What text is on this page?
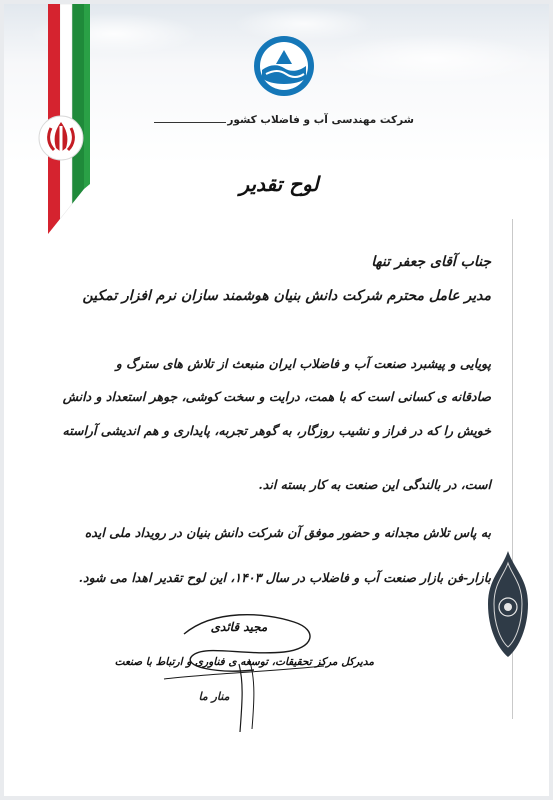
شرکت مهندسی آب و فاضلاب کشور
لوح تقدیر
جناب آقای جعفر تنها
مدیر عامل محترم شرکت دانش بنیان هوشمند سازان نرم افزار تمکین
پویایی و پیشبرد صنعت آب و فاضلاب ایران منبعث از تلاش های سترگ و
صادقانه ی کسانی است که با همت، درایت و سخت کوشی، جوهر استعداد و دانش
خویش را که در فراز و نشیب روزگار، به گوهر تجربه، پایداری و هم اندیشی آراسته
است، در بالندگی این صنعت به کار بسته اند.
به پاس تلاش مجدانه و حضور موفق آن شرکت دانش بنیان در رویداد ملی ایده
بازار-فن بازار صنعت آب و فاضلاب در سال ۱۴۰۳، این لوح تقدیر اهدا می شود.
مجید قائدی
مدیرکل مرکز تحقیقات، توسعه ی فناوری و ارتباط با صنعت
منار ما
